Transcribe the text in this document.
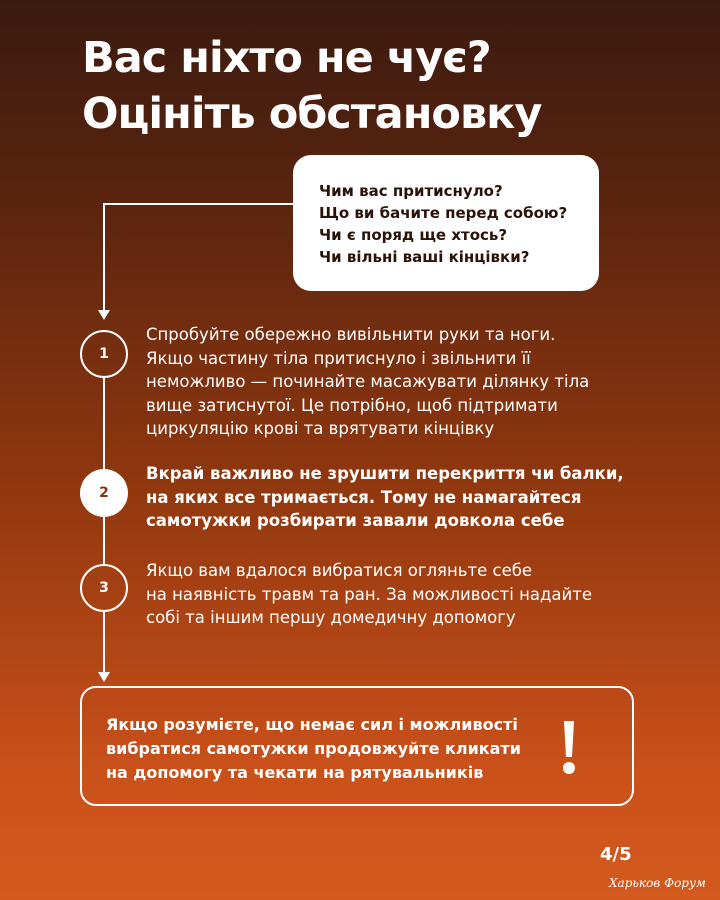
Вас ніхто не чує?
Оцініть обстановку
Чим вас притиснуло?
Що ви бачите перед собою?
Чи є поряд ще хтось?
Чи вільні ваші кінцівки?
1
Спробуйте обережно вивільнити руки та ноги.
Якщо частину тіла притиснуло і звільнити її
неможливо — починайте масажувати ділянку тіла
вище затиснутої. Це потрібно, щоб підтримати
циркуляцію крові та врятувати кінцівку
2
Вкрай важливо не зрушити перекриття чи балки,
на яких все тримається. Тому не намагайтеся
самотужки розбирати завали довкола себе
3
Якщо вам вдалося вибратися огляньте себе
на наявність травм та ран. За можливості надайте
собі та іншим першу домедичну допомогу
Якщо розумієте, що немає сил і можливості
вибратися самотужки продовжуйте кликати
на допомогу та чекати на рятувальників
4/5
Харьков Форум
